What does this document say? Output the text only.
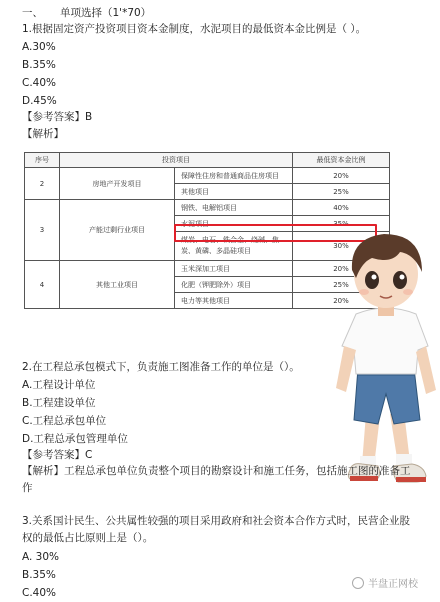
一、 单项选择（1'*70）
1.根据固定资产投资项目资本金制度，水泥项目的最低资本金比例是（ ）。
A.30%
B.35%
C.40%
D.45%
【参考答案】B
【解析】
序号	投资项目		最低资本金比例
2	房地产开发项目	保障性住房和普通商品住房项目	20%
		其他项目	25%
3	产能过剩行业项目	钢铁、电解铝项目	40%
		水泥项目	35%
		煤炭、电石、铁合金、烧碱、焦炭、黄磷、多晶硅项目	30%
4	其他工业项目	玉米深加工项目	20%
		化肥（钾肥除外）项目	25%
		电力等其他项目	20%
2.在工程总承包模式下，负责施工图准备工作的单位是（）。
A.工程设计单位
B.工程建设单位
C.工程总承包单位
D.工程总承包管理单位
【参考答案】C
【解析】工程总承包单位负责整个项目的勘察设计和施工任务，包括施工图的准备工作
3.关系国计民生、公共属性较强的项目采用政府和社会资本合作方式时，民营企业股权的最低占比原则上是（）。
A. 30%
B.35%
C.40%
半盘正网校
